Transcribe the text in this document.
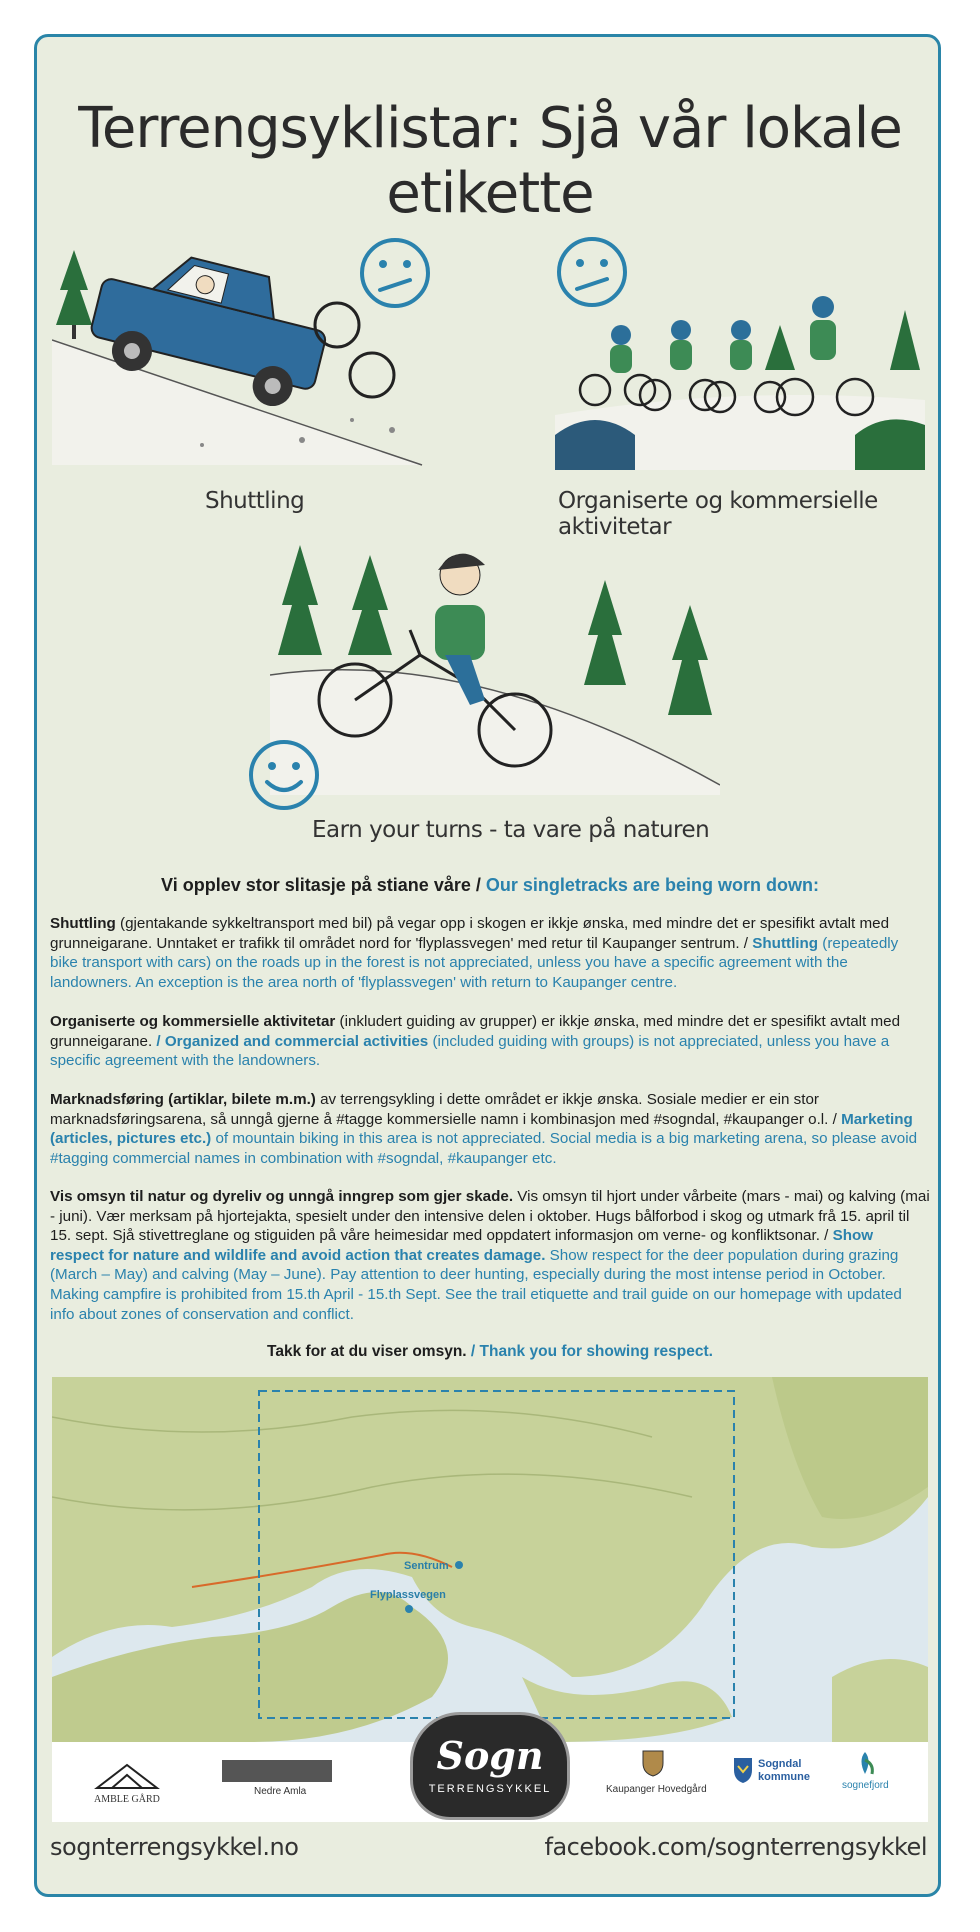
Terrengsyklistar: Sjå vår lokale etikette
Shuttling	Organiserte og kommersielle aktivitetar
Earn your turns - ta vare på naturen
Vi opplev stor slitasje på stiane våre / Our singletracks are being worn down:
Shuttling (gjentakande sykkeltransport med bil) på vegar opp i skogen er ikkje ønska, med mindre det er spesifikt avtalt med grunneigarane. Unntaket er trafikk til området nord for 'flyplassvegen' med retur til Kaupanger sentrum. / Shuttling (repeatedly bike transport with cars) on the roads up in the forest is not appreciated, unless you have a specific agreement with the landowners. An exception is the area north of 'flyplassvegen' with return to Kaupanger centre.
Organiserte og kommersielle aktivitetar (inkludert guiding av grupper) er ikkje ønska, med mindre det er spesifikt avtalt med grunneigarane. / Organized and commercial activities (included guiding with groups) is not appreciated, unless you have a specific agreement with the landowners.
Marknadsføring (artiklar, bilete m.m.) av terrengsykling i dette området er ikkje ønska. Sosiale medier er ein stor marknadsføringsarena, så unngå gjerne å #tagge kommersielle namn i kombinasjon med #sogndal, #kaupanger o.l. / Marketing (articles, pictures etc.) of mountain biking in this area is not appreciated. Social media is a big marketing arena, so please avoid #tagging commercial names in combination with #sogndal, #kaupanger etc.
Vis omsyn til natur og dyreliv og unngå inngrep som gjer skade. Vis omsyn til hjort under vårbeite (mars - mai) og kalving (mai - juni). Vær merksam på hjortejakta, spesielt under den intensive delen i oktober. Hugs bålforbod i skog og utmark frå 15. april til 15. sept. Sjå stivettreglane og stiguiden på våre heimesidar med oppdatert informasjon om verne- og konfliktsonar. / Show respect for nature and wildlife and avoid action that creates damage. Show respect for the deer population during grazing (March – May) and calving (May – June). Pay attention to deer hunting, especially during the most intense period in October. Making campfire is prohibited from 15.th April - 15.th Sept. See the trail etiquette and trail guide on our homepage with updated info about zones of conservation and conflict.
Takk for at du viser omsyn. / Thank you for showing respect.
Sentrum
Flyplassvegen
AMBLE GÅRD
Nedre Amla
Sogn
TERRENGSYKKEL	Kaupanger Hovedgård
Sogndal
kommune
sognefjord
sognterrengsykkel.no	facebook.com/sognterrengsykkel
